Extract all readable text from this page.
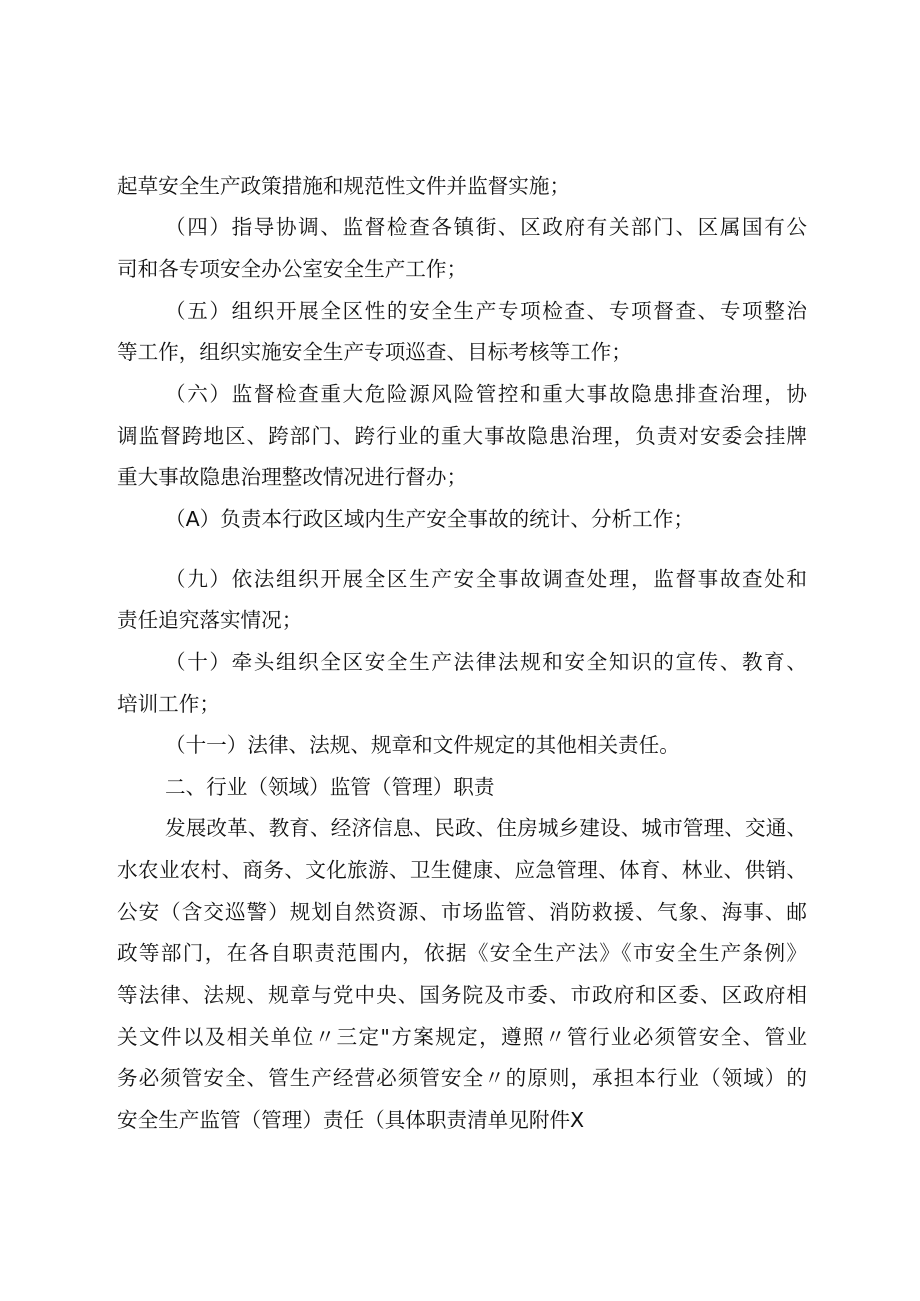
起草安全生产政策措施和规范性文件并监督实施；
（四）指导协调、监督检查各镇街、区政府有关部门、区属国有公
司和各专项安全办公室安全生产工作；
（五）组织开展全区性的安全生产专项检查、专项督查、专项整治
等工作，组织实施安全生产专项巡查、目标考核等工作；
（六）监督检查重大危险源风险管控和重大事故隐患排查治理，协
调监督跨地区、跨部门、跨行业的重大事故隐患治理，负责对安委会挂牌
重大事故隐患治理整改情况进行督办；
（A）负责本行政区域内生产安全事故的统计、分析工作；
（九）依法组织开展全区生产安全事故调查处理，监督事故查处和
责任追究落实情况；
（十）牵头组织全区安全生产法律法规和安全知识的宣传、教育、
培训工作；
（十一）法律、法规、规章和文件规定的其他相关责任。
二、行业（领域）监管（管理）职责
发展改革、教育、经济信息、民政、住房城乡建设、城市管理、交通、
水农业农村、商务、文化旅游、卫生健康、应急管理、体育、林业、供销、
公安（含交巡警）规划自然资源、市场监管、消防救援、气象、海事、邮
政等部门，在各自职责范围内，依据《安全生产法》《市安全生产条例》
等法律、法规、规章与党中央、国务院及市委、市政府和区委、区政府相
关文件以及相关单位〃三定"方案规定，遵照〃管行业必须管安全、管业
务必须管安全、管生产经营必须管安全〃的原则，承担本行业（领域）的
安全生产监管（管理）责任（具体职责清单见附件X
